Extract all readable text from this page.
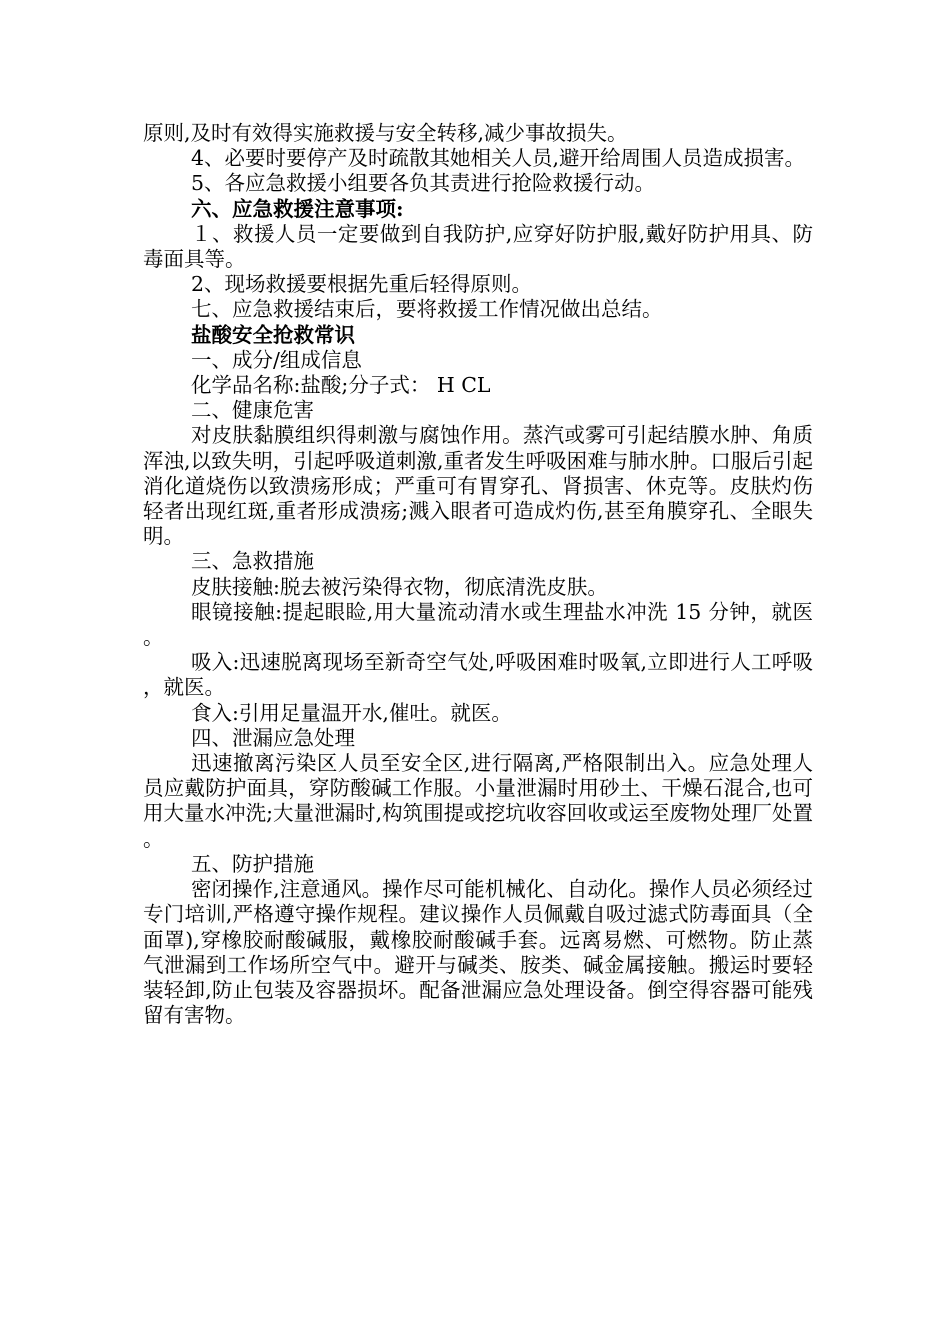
原则,及时有效得实施救援与安全转移,减少事故损失。

4、必要时要停产及时疏散其她相关人员,避开给周围人员造成损害。

5、各应急救援小组要各负其责进行抢险救援行动。

六、应急救援注意事项:

１、救援人员一定要做到自我防护,应穿好防护服,戴好防护用具、防毒面具等。

2、现场救援要根据先重后轻得原则。

七、应急救援结束后，要将救援工作情况做出总结。

盐酸安全抢救常识

一、成分/组成信息

化学品名称:盐酸;分子式： H CL

二、健康危害

对皮肤黏膜组织得刺激与腐蚀作用。蒸汽或雾可引起结膜水肿、角质浑浊,以致失明，引起呼吸道刺激,重者发生呼吸困难与肺水肿。口服后引起消化道烧伤以致溃疡形成；严重可有胃穿孔、肾损害、休克等。皮肤灼伤轻者出现红斑,重者形成溃疡;溅入眼者可造成灼伤,甚至角膜穿孔、全眼失明。

三、急救措施

皮肤接触:脱去被污染得衣物，彻底清洗皮肤。

眼镜接触:提起眼睑,用大量流动清水或生理盐水冲洗 15 分钟，就医。

吸入:迅速脱离现场至新奇空气处,呼吸困难时吸氧,立即进行人工呼吸，就医。

食入:引用足量温开水,催吐。就医。

四、泄漏应急处理

迅速撤离污染区人员至安全区,进行隔离,严格限制出入。应急处理人员应戴防护面具，穿防酸碱工作服。小量泄漏时用砂土、干燥石混合,也可用大量水冲洗;大量泄漏时,构筑围提或挖坑收容回收或运至废物处理厂处置。

五、防护措施

密闭操作,注意通风。操作尽可能机械化、自动化。操作人员必须经过专门培训,严格遵守操作规程。建议操作人员佩戴自吸过滤式防毒面具（全面罩),穿橡胶耐酸碱服，戴橡胶耐酸碱手套。远离易燃、可燃物。防止蒸气泄漏到工作场所空气中。避开与碱类、胺类、碱金属接触。搬运时要轻装轻卸,防止包装及容器损坏。配备泄漏应急处理设备。倒空得容器可能残留有害物。
